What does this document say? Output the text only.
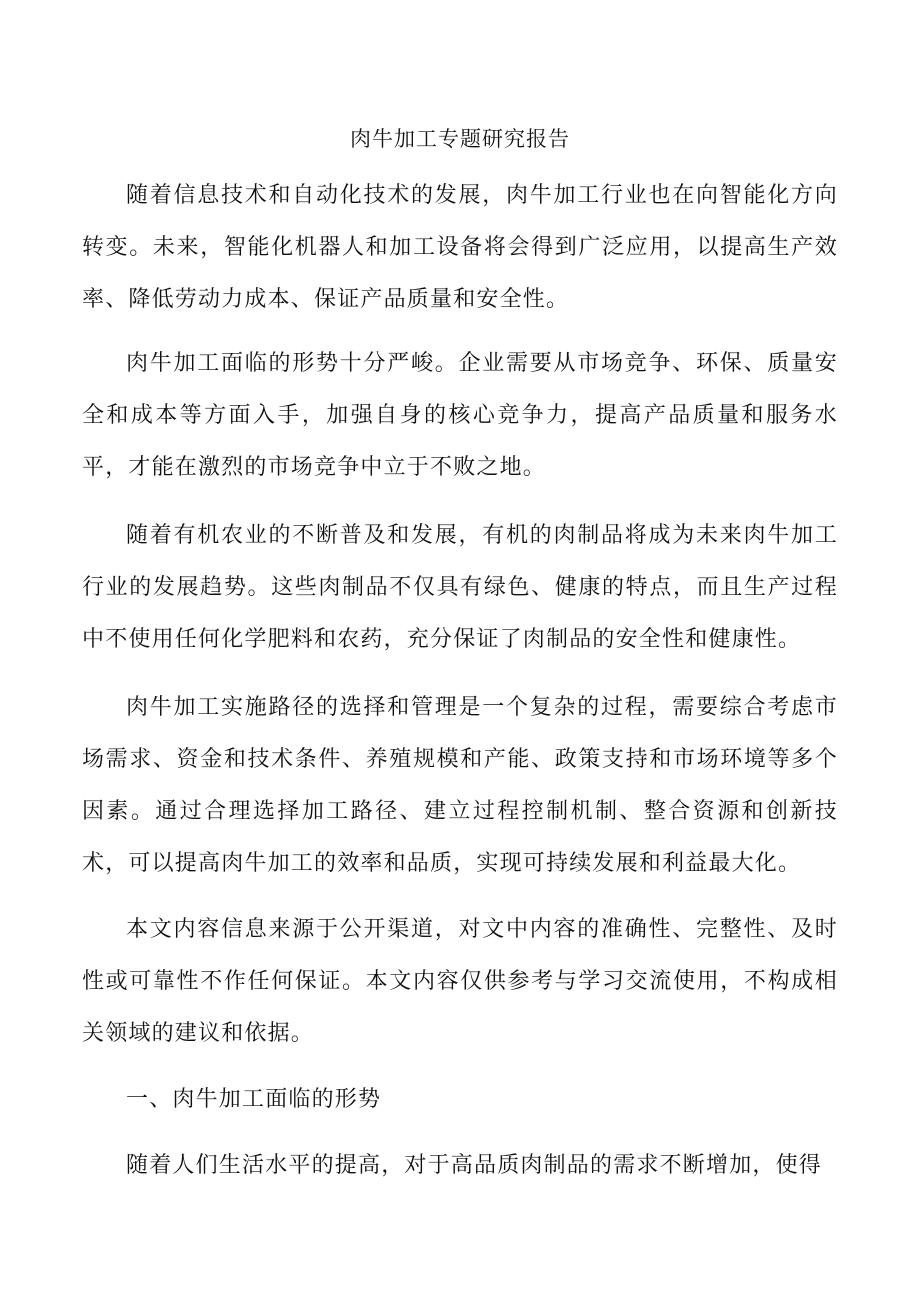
肉牛加工专题研究报告

随着信息技术和自动化技术的发展，肉牛加工行业也在向智能化方向转变。未来，智能化机器人和加工设备将会得到广泛应用，以提高生产效率、降低劳动力成本、保证产品质量和安全性。

肉牛加工面临的形势十分严峻。企业需要从市场竞争、环保、质量安全和成本等方面入手，加强自身的核心竞争力，提高产品质量和服务水平，才能在激烈的市场竞争中立于不败之地。

随着有机农业的不断普及和发展，有机的肉制品将成为未来肉牛加工行业的发展趋势。这些肉制品不仅具有绿色、健康的特点，而且生产过程中不使用任何化学肥料和农药，充分保证了肉制品的安全性和健康性。

肉牛加工实施路径的选择和管理是一个复杂的过程，需要综合考虑市场需求、资金和技术条件、养殖规模和产能、政策支持和市场环境等多个因素。通过合理选择加工路径、建立过程控制机制、整合资源和创新技术，可以提高肉牛加工的效率和品质，实现可持续发展和利益最大化。

本文内容信息来源于公开渠道，对文中内容的准确性、完整性、及时性或可靠性不作任何保证。本文内容仅供参考与学习交流使用，不构成相关领域的建议和依据。

一、肉牛加工面临的形势

随着人们生活水平的提高，对于高品质肉制品的需求不断增加，使得
